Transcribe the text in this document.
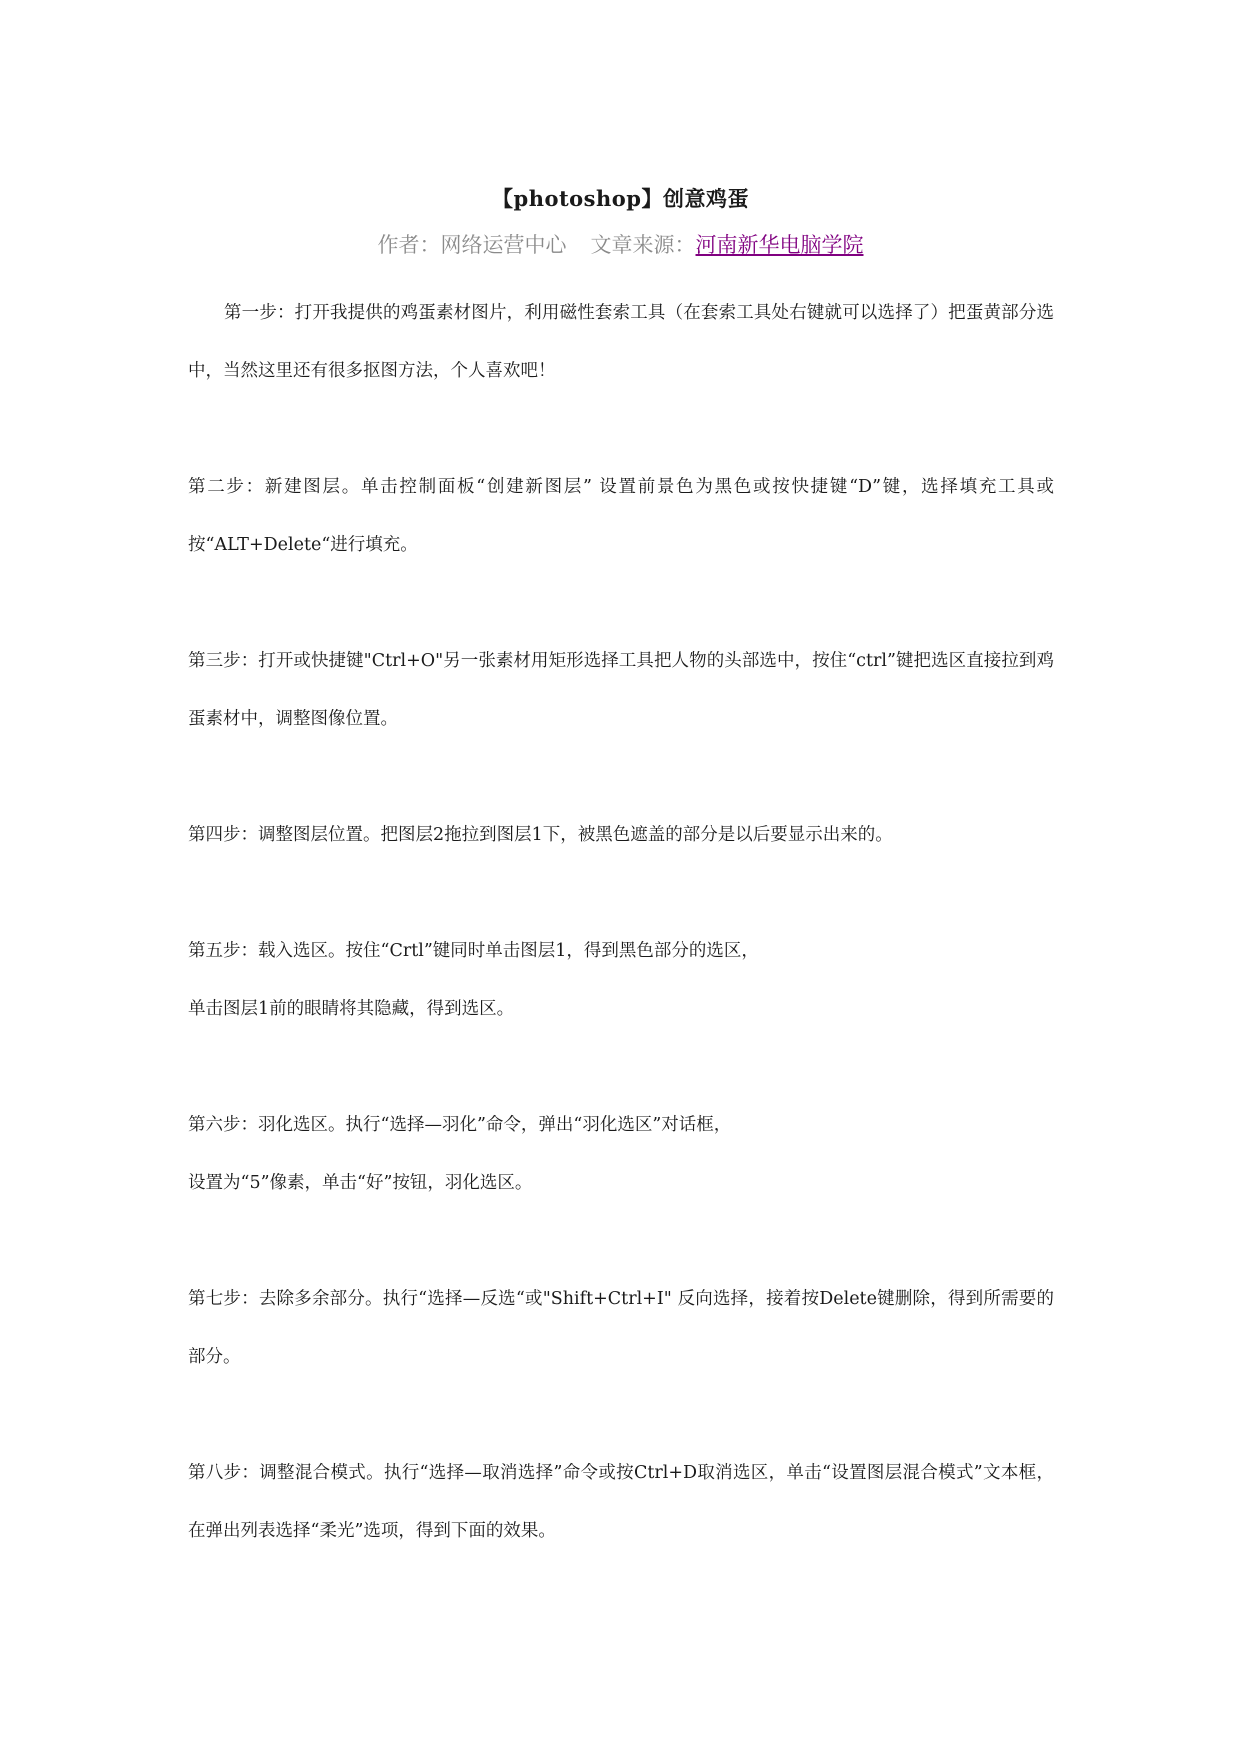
【photoshop】创意鸡蛋

作者：网络运营中心 文章来源：河南新华电脑学院

第一步：打开我提供的鸡蛋素材图片，利用磁性套索工具（在套索工具处右键就可以选择了）把蛋黄部分选中，当然这里还有很多抠图方法，个人喜欢吧！

第二步：新建图层。单击控制面板“创建新图层” 设置前景色为黑色或按快捷键“D”键，选择填充工具或按“ALT+Delete“进行填充。

第三步：打开或快捷键"Ctrl+O"另一张素材用矩形选择工具把人物的头部选中，按住“ctrl”键把选区直接拉到鸡蛋素材中，调整图像位置。

第四步：调整图层位置。把图层2拖拉到图层1下，被黑色遮盖的部分是以后要显示出来的。

第五步：载入选区。按住“Crtl”键同时单击图层1，得到黑色部分的选区，
单击图层1前的眼睛将其隐藏，得到选区。

第六步：羽化选区。执行“选择—羽化”命令，弹出“羽化选区”对话框，
设置为“5”像素，单击“好”按钮，羽化选区。

第七步：去除多余部分。执行“选择—反选“或"Shift+Ctrl+I" 反向选择，接着按Delete键删除，得到所需要的部分。

第八步：调整混合模式。执行“选择—取消选择”命令或按Ctrl+D取消选区，单击“设置图层混合模式”文本框，在弹出列表选择“柔光”选项，得到下面的效果。
